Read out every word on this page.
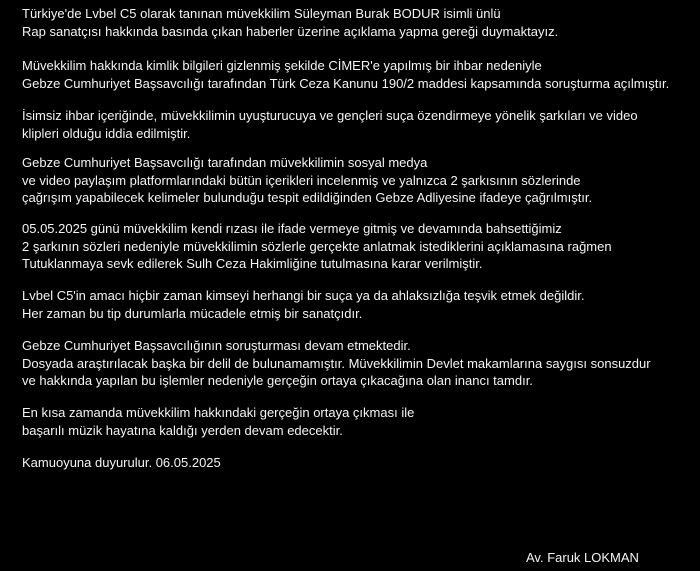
Türkiye'de Lvbel C5 olarak tanınan müvekkilim Süleyman Burak BODUR isimli ünlü
Rap sanatçısı hakkında basında çıkan haberler üzerine açıklama yapma gereği duymaktayız.
Müvekkilim hakkında kimlik bilgileri gizlenmiş şekilde CİMER'e yapılmış bir ihbar nedeniyle
Gebze Cumhuriyet Başsavcılığı tarafından Türk Ceza Kanunu 190/2 maddesi kapsamında soruşturma açılmıştır.
İsimsiz ihbar içeriğinde, müvekkilimin uyuşturucuya ve gençleri suça özendirmeye yönelik şarkıları ve video
klipleri olduğu iddia edilmiştir.
Gebze Cumhuriyet Başsavcılığı tarafından müvekkilimin sosyal medya
ve video paylaşım platformlarındaki bütün içerikleri incelenmiş ve yalnızca 2 şarkısının sözlerinde
çağrışım yapabilecek kelimeler bulunduğu tespit edildiğinden Gebze Adliyesine ifadeye çağrılmıştır.
05.05.2025 günü müvekkilim kendi rızası ile ifade vermeye gitmiş ve devamında bahsettiğimiz
2 şarkının sözleri nedeniyle müvekkilimin sözlerle gerçekte anlatmak istediklerini açıklamasına rağmen
Tutuklanmaya sevk edilerek Sulh Ceza Hakimliğine tutulmasına karar verilmiştir.
Lvbel C5'in amacı hiçbir zaman kimseyi herhangi bir suça ya da ahlaksızlığa teşvik etmek değildir.
Her zaman bu tip durumlarla mücadele etmiş bir sanatçıdır.
Gebze Cumhuriyet Başsavcılığının soruşturması devam etmektedir.
Dosyada araştırılacak başka bir delil de bulunamamıştır. Müvekkilimin Devlet makamlarına saygısı sonsuzdur
ve hakkında yapılan bu işlemler nedeniyle gerçeğin ortaya çıkacağına olan inancı tamdır.
En kısa zamanda müvekkilim hakkındaki gerçeğin ortaya çıkması ile
başarılı müzik hayatına kaldığı yerden devam edecektir.
Kamuoyuna duyurulur. 06.05.2025
Av. Faruk LOKMAN
